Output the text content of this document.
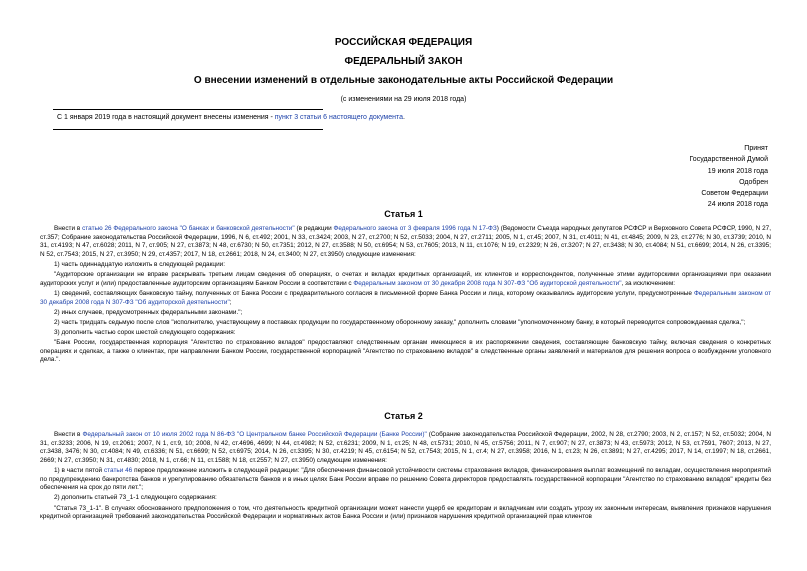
РОССИЙСКАЯ ФЕДЕРАЦИЯ
ФЕДЕРАЛЬНЫЙ ЗАКОН
О внесении изменений в отдельные законодательные акты Российской Федерации
(с изменениями на 29 июля 2018 года)
С 1 января 2019 года в настоящий документ внесены изменения - пункт 3 статьи 6 настоящего документа.
Принят
Государственной Думой
19 июля 2018 года
Одобрен
Советом Федерации
24 июля 2018 года
Статья 1

Внести в статью 26 Федерального закона "О банках и банковской деятельности" (в редакции Федерального закона от 3 февраля 1996 года N 17-ФЗ) (Ведомости Съезда народных депутатов РСФСР и Верховного Совета РСФСР, 1990, N 27, ст.357; Собрание законодательства Российской Федерации, 1996, N 6, ст.492; 2001, N 33, ст.3424; 2003, N 27, ст.2700; N 52, ст.5033; 2004, N 27, ст.2711; 2005, N 1, ст.45; 2007, N 31, ст.4011; N 41, ст.4845; 2009, N 23, ст.2776; N 30, ст.3739; 2010, N 31, ст.4193; N 47, ст.6028; 2011, N 7, ст.905; N 27, ст.3873; N 48, ст.6730; N 50, ст.7351; 2012, N 27, ст.3588; N 50, ст.6954; N 53, ст.7605; 2013, N 11, ст.1076; N 19, ст.2329; N 26, ст.3207; N 27, ст.3438; N 30, ст.4084; N 51, ст.6699; 2014, N 26, ст.3395; N 52, ст.7543; 2015, N 27, ст.3950; N 29, ст.4357; 2017, N 18, ст.2661; 2018, N 24, ст.3400; N 27, ст.3950) следующие изменения:

1) часть одиннадцатую изложить в следующей редакции:

"Аудиторские организации не вправе раскрывать третьим лицам сведения об операциях, о счетах и вкладах кредитных организаций, их клиентов и корреспондентов, полученные этими аудиторскими организациями при оказании аудиторских услуг и (или) предоставленные аудиторским организациям Банком России в соответствии с Федеральным законом от 30 декабря 2008 года N 307-ФЗ "Об аудиторской деятельности", за исключением:

1) сведений, составляющих банковскую тайну, полученных от Банка России с предварительного согласия в письменной форме Банка России и лица, которому оказывались аудиторские услуги, предусмотренные Федеральным законом от 30 декабря 2008 года N 307-ФЗ "Об аудиторской деятельности";

2) иных случаев, предусмотренных федеральными законами.";

2) часть тридцать седьмую после слов "исполнителю, участвующему в поставках продукции по государственному оборонному заказу," дополнить словами "уполномоченному банку, в который переводится сопровождаемая сделка,";

3) дополнить частью сорок шестой следующего содержания:

"Банк России, государственная корпорация "Агентство по страхованию вкладов" предоставляют следственным органам имеющиеся в их распоряжении сведения, составляющие банковскую тайну, включая сведения о конкретных операциях и сделках, а также о клиентах, при направлении Банком России, государственной корпорацией "Агентство по страхованию вкладов" в следственные органы заявлений и материалов для решения вопроса о возбуждении уголовного дела.".

Статья 2

Внести в Федеральный закон от 10 июля 2002 года N 86-ФЗ "О Центральном банке Российской Федерации (Банке России)" (Собрание законодательства Российской Федерации, 2002, N 28, ст.2790; 2003, N 2, ст.157; N 52, ст.5032; 2004, N 31, ст.3233; 2006, N 19, ст.2061; 2007, N 1, ст.9, 10; 2008, N 42, ст.4696, 4699; N 44, ст.4982; N 52, ст.6231; 2009, N 1, ст.25; N 48, ст.5731; 2010, N 45, ст.5756; 2011, N 7, ст.907; N 27, ст.3873; N 43, ст.5973; 2012, N 53, ст.7591, 7607; 2013, N 27, ст.3438, 3476; N 30, ст.4084; N 49, ст.6336; N 51, ст.6699; N 52, ст.6975; 2014, N 26, ст.3395; N 30, ст.4219; N 45, ст.6154; N 52, ст.7543; 2015, N 1, ст.4; N 27, ст.3958; 2016, N 1, ст.23; N 26, ст.3891; N 27, ст.4295; 2017, N 14, ст.1997; N 18, ст.2661, 2669; N 27, ст.3950; N 31, ст.4830; 2018, N 1, ст.66; N 11, ст.1588; N 18, ст.2557; N 27, ст.3950) следующие изменения:

1) в части пятой статьи 46 первое предложение изложить в следующей редакции: "Для обеспечения финансовой устойчивости системы страхования вкладов, финансирования выплат возмещений по вкладам, осуществления мероприятий по предупреждению банкротства банков и урегулированию обязательств банков и в иных целях Банк России вправе по решению Совета директоров предоставлять государственной корпорации "Агентство по страхованию вкладов" кредиты без обеспечения на срок до пяти лет.";

2) дополнить статьей 73_1-1 следующего содержания:

"Статья 73_1-1". В случаях обоснованного предположения о том, что деятельность кредитной организации может нанести ущерб ее кредиторам и вкладчикам или создать угрозу их законным интересам, выявления признаков нарушения кредитной организацией требований законодательства Российской Федерации и нормативных актов Банка России и (или) признаков нарушения кредитной организацией прав клиентов
